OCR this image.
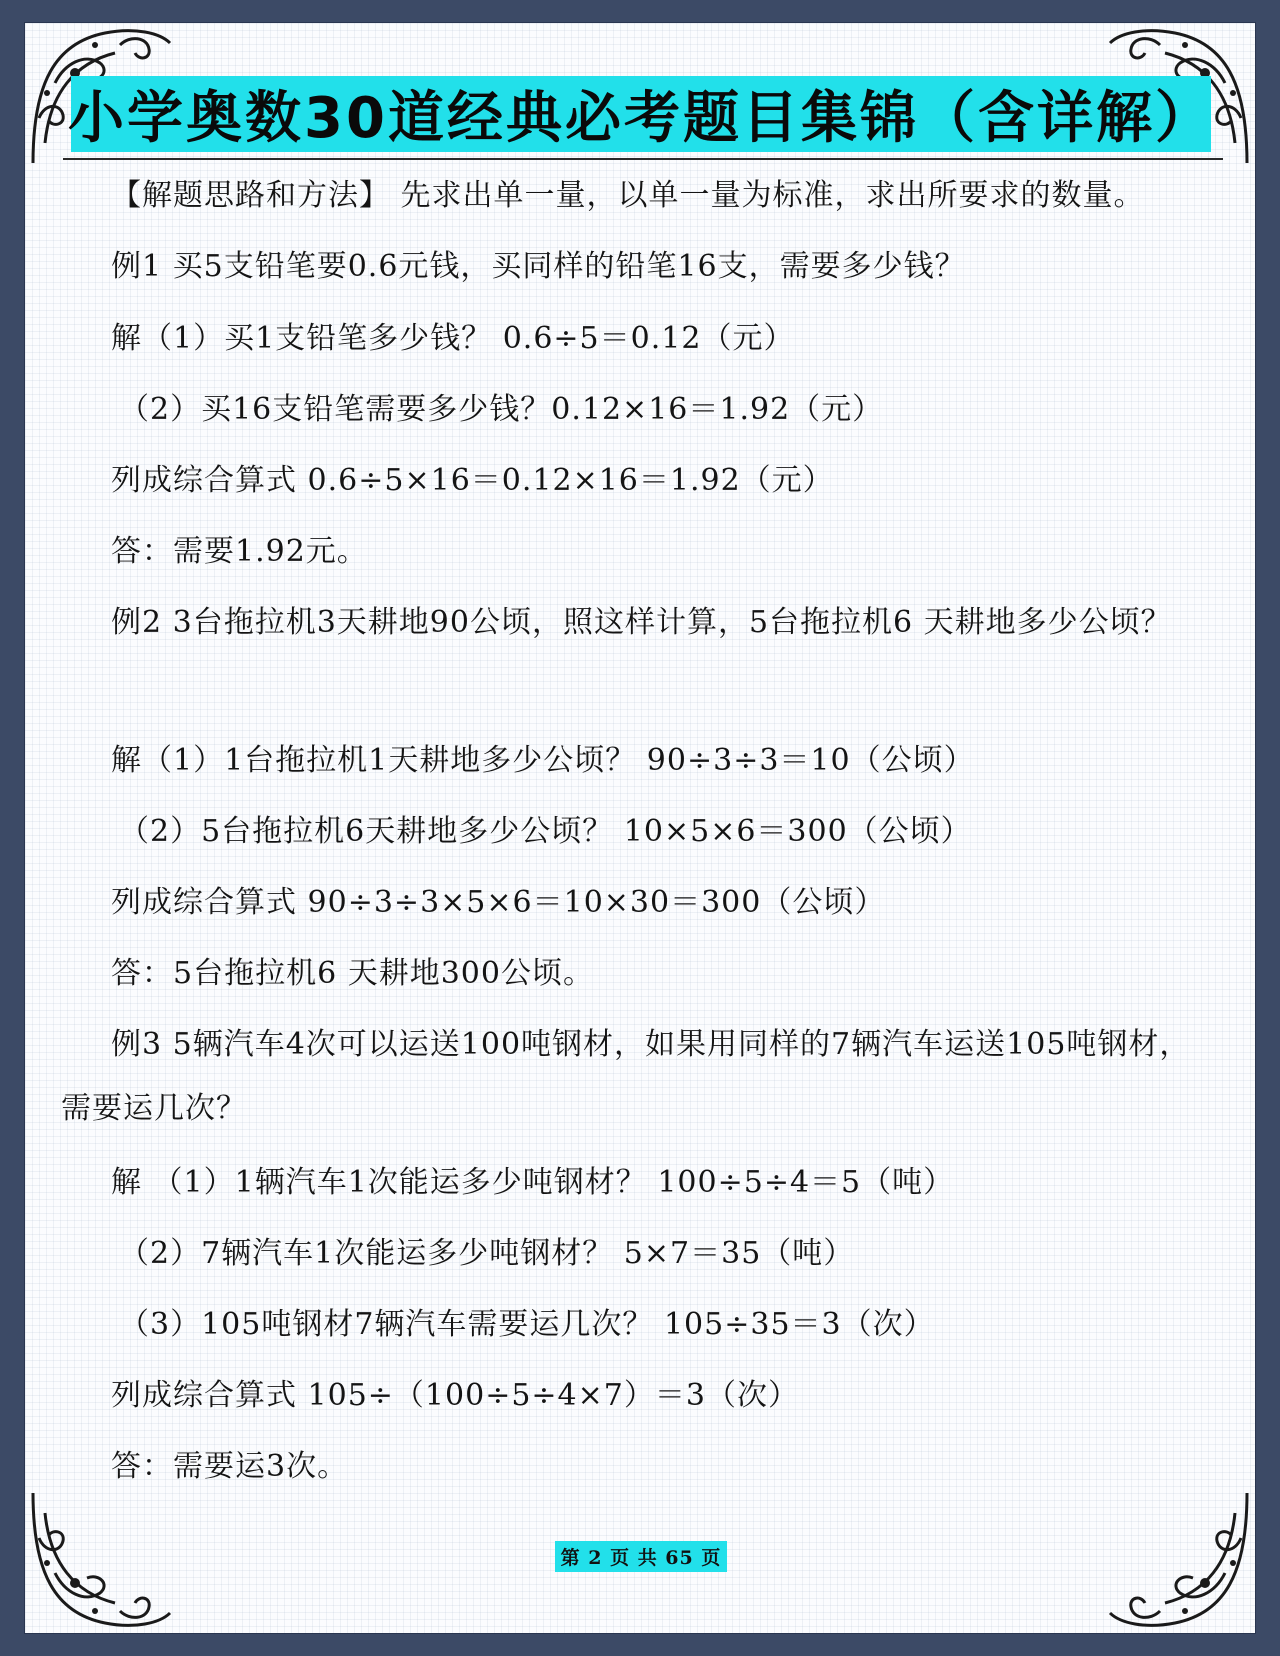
小学奥数30道经典必考题目集锦（含详解）
【解题思路和方法】 先求出单一量，以单一量为标准，求出所要求的数量。
例1 买5支铅笔要0.6元钱，买同样的铅笔16支，需要多少钱？
解（1）买1支铅笔多少钱？ 0.6÷5＝0.12（元）
（2）买16支铅笔需要多少钱？0.12×16＝1.92（元）
列成综合算式 0.6÷5×16＝0.12×16＝1.92（元）
答：需要1.92元。
例2 3台拖拉机3天耕地90公顷，照这样计算，5台拖拉机6 天耕地多少公顷？
解（1）1台拖拉机1天耕地多少公顷？ 90÷3÷3＝10（公顷）
（2）5台拖拉机6天耕地多少公顷？ 10×5×6＝300（公顷）
列成综合算式 90÷3÷3×5×6＝10×30＝300（公顷）
答：5台拖拉机6 天耕地300公顷。
例3 5辆汽车4次可以运送100吨钢材，如果用同样的7辆汽车运送105吨钢材，需要运几次？
解 （1）1辆汽车1次能运多少吨钢材？ 100÷5÷4＝5（吨）
（2）7辆汽车1次能运多少吨钢材？ 5×7＝35（吨）
（3）105吨钢材7辆汽车需要运几次？ 105÷35＝3（次）
列成综合算式 105÷（100÷5÷4×7）＝3（次）
答：需要运3次。
第 2 页 共 65 页
